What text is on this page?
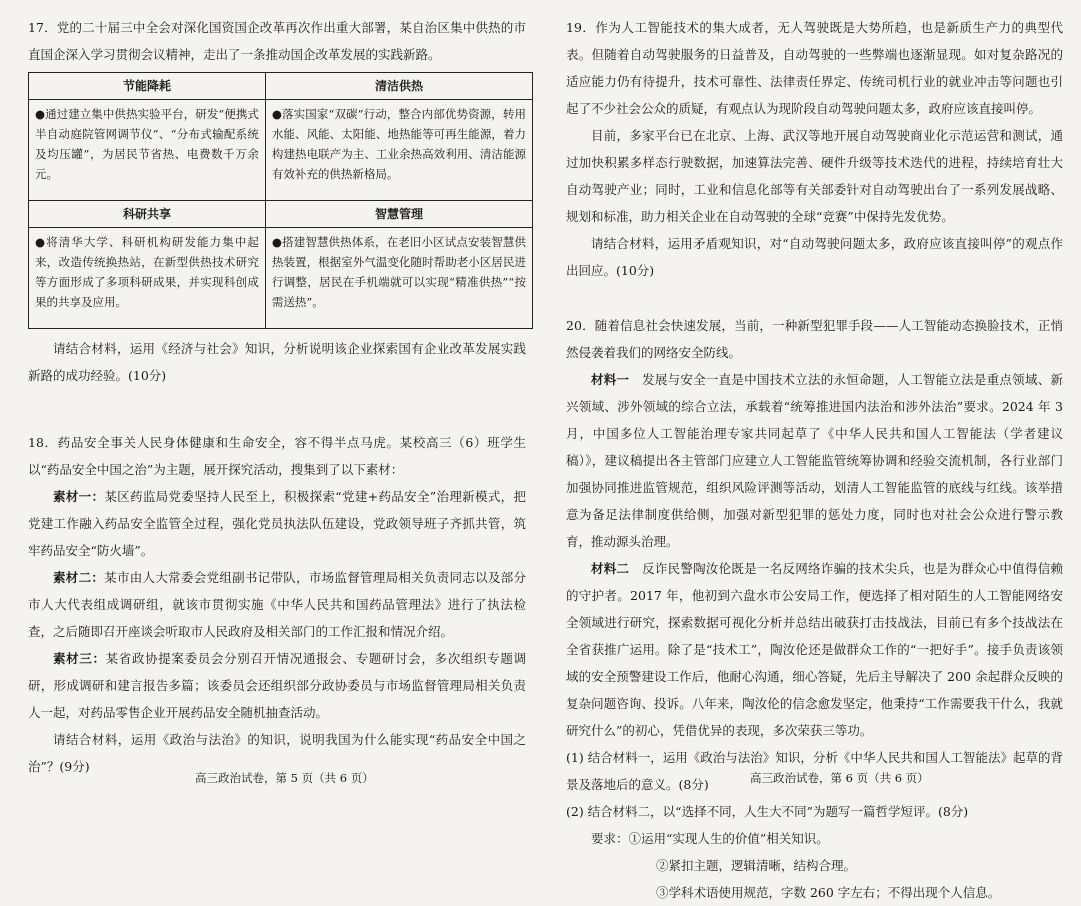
17．党的二十届三中全会对深化国资国企改革再次作出重大部署，某自治区集中供热的市直国企深入学习贯彻会议精神，走出了一条推动国企改革发展的实践新路。

节能降耗	清洁供热

●通过建立集中供热实验平台，研发“便携式半自动庭院管网调节仪”、“分布式输配系统及均压罐”，为居民节省热、电费数千万余元。	●落实国家“双碳”行动，整合内部优势资源，转用水能、风能、太阳能、地热能等可再生能源，着力构建热电联产为主、工业余热高效利用、清洁能源有效补充的供热新格局。

科研共享	智慧管理

●将清华大学、科研机构研发能力集中起来，改造传统换热站，在新型供热技术研究等方面形成了多项科研成果，并实现科创成果的共享及应用。	●搭建智慧供热体系，在老旧小区试点安装智慧供热装置，根据室外气温变化随时帮助老小区居民进行调整，居民在手机端就可以实现“精准供热”“按需送热”。

请结合材料，运用《经济与社会》知识，分析说明该企业探索国有企业改革发展实践新路的成功经验。(10分)

18．药品安全事关人民身体健康和生命安全，容不得半点马虎。某校高三（6）班学生以“药品安全中国之治”为主题，展开探究活动，搜集到了以下素材：

素材一：某区药监局党委坚持人民至上，积极探索“党建+药品安全”治理新模式，把党建工作融入药品安全监管全过程，强化党员执法队伍建设，党政领导班子齐抓共管，筑牢药品安全“防火墙”。

素材二：某市由人大常委会党组副书记带队，市场监督管理局相关负责同志以及部分市人大代表组成调研组，就该市贯彻实施《中华人民共和国药品管理法》进行了执法检查，之后随即召开座谈会听取市人民政府及相关部门的工作汇报和情况介绍。

素材三：某省政协提案委员会分别召开情况通报会、专题研讨会，多次组织专题调研，形成调研和建言报告多篇；该委员会还组织部分政协委员与市场监督管理局相关负责人一起，对药品零售企业开展药品安全随机抽查活动。

请结合材料，运用《政治与法治》的知识，说明我国为什么能实现“药品安全中国之治”？(9分)

高三政治试卷，第 5 页（共 6 页）

19．作为人工智能技术的集大成者，无人驾驶既是大势所趋，也是新质生产力的典型代表。但随着自动驾驶服务的日益普及，自动驾驶的一些弊端也逐渐显现。如对复杂路况的适应能力仍有待提升，技术可靠性、法律责任界定、传统司机行业的就业冲击等问题也引起了不少社会公众的质疑，有观点认为现阶段自动驾驶问题太多，政府应该直接叫停。

目前，多家平台已在北京、上海、武汉等地开展自动驾驶商业化示范运营和测试，通过加快积累多样态行驶数据，加速算法完善、硬件升级等技术迭代的进程，持续培育壮大自动驾驶产业；同时，工业和信息化部等有关部委针对自动驾驶出台了一系列发展战略、规划和标准，助力相关企业在自动驾驶的全球“竞赛”中保持先发优势。

请结合材料，运用矛盾观知识，对“自动驾驶问题太多，政府应该直接叫停”的观点作出回应。(10分)

20．随着信息社会快速发展，当前，一种新型犯罪手段——人工智能动态换脸技术，正悄然侵袭着我们的网络安全防线。

材料一　 发展与安全一直是中国技术立法的永恒命题，人工智能立法是重点领域、新兴领域、涉外领域的综合立法，承载着“统筹推进国内法治和涉外法治”要求。2024 年 3 月，中国多位人工智能治理专家共同起草了《中华人民共和国人工智能法（学者建议稿）》，建议稿提出各主管部门应建立人工智能监管统筹协调和经验交流机制，各行业部门加强协同推进监管规范，组织风险评测等活动，划清人工智能监管的底线与红线。该举措意为备足法律制度供给侧，加强对新型犯罪的惩处力度，同时也对社会公众进行警示教育，推动源头治理。

材料二　 反诈民警陶汝伦既是一名反网络诈骗的技术尖兵，也是为群众心中值得信赖的守护者。2017 年，他初到六盘水市公安局工作，便选择了相对陌生的人工智能网络安全领域进行研究，探索数据可视化分析并总结出破获打击技战法，目前已有多个技战法在全省获推广运用。除了是“技术工”，陶汝伦还是做群众工作的“一把好手”。接手负责该领域的安全预警建设工作后，他耐心沟通，细心答疑，先后主导解决了 200 余起群众反映的复杂问题咨询、投诉。八年来，陶汝伦的信念愈发坚定，他秉持“工作需要我干什么，我就研究什么”的初心，凭借优异的表现，多次荣获三等功。

(1) 结合材料一，运用《政治与法治》知识，分析《中华人民共和国人工智能法》起草的背景及落地后的意义。(8分)

(2) 结合材料二，以“选择不同，人生大不同”为题写一篇哲学短评。(8分)

要求：①运用“实现人生的价值”相关知识。

②紧扣主题，逻辑清晰，结构合理。

③学科术语使用规范，字数 260 字左右；不得出现个人信息。

高三政治试卷，第 6 页（共 6 页）
